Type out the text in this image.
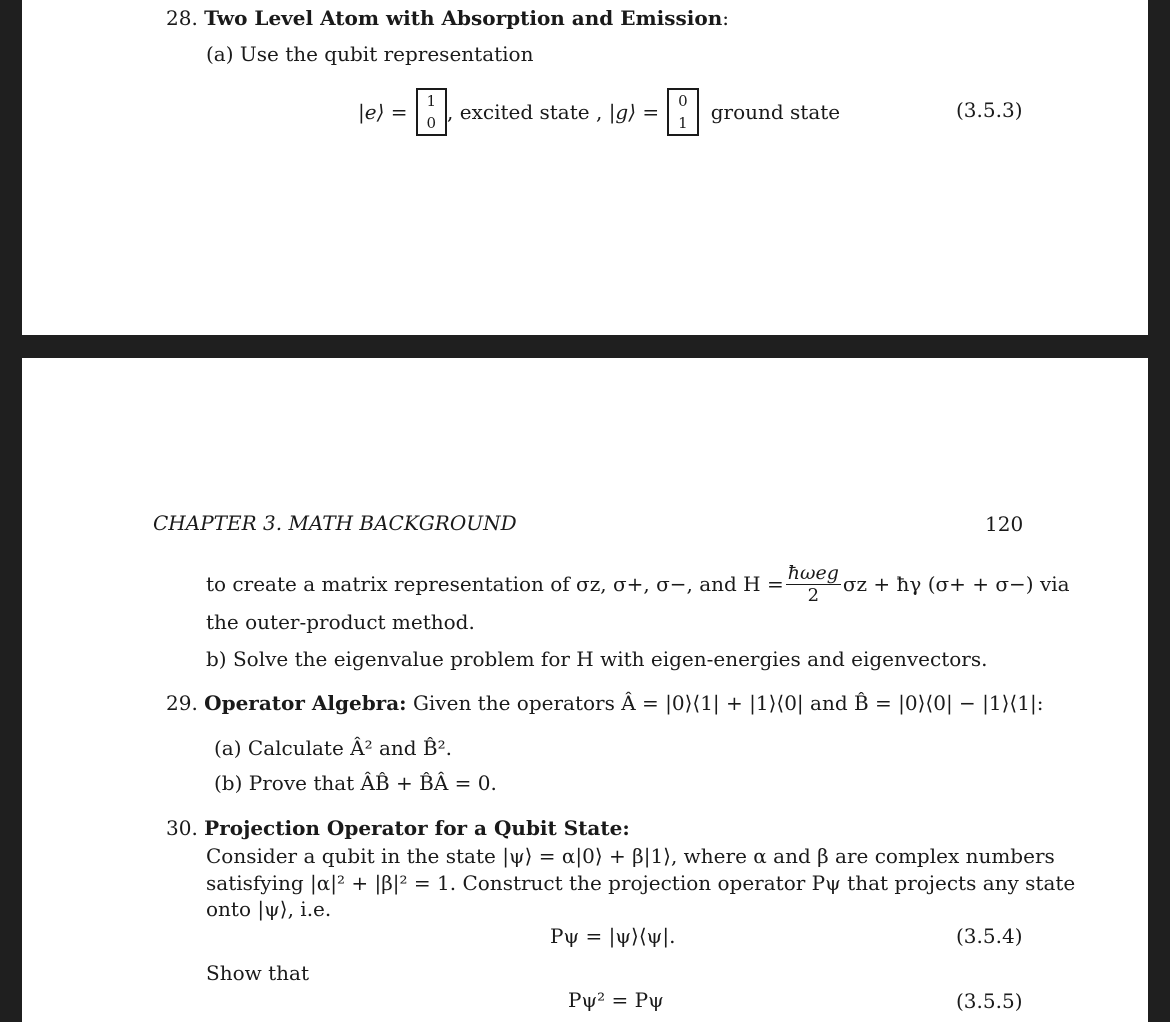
28. Two Level Atom with Absorption and Emission:
(a) Use the qubit representation
|e⟩ = 1
0 , excited state , |g⟩ = 0
1 ground state	(3.5.3)
CHAPTER 3. MATH BACKGROUND	120
to create a matrix representation of σz, σ+, σ−, and $H = \frac{\text{ħωeg}}{2}$ σz + ħγ (σ+ + σ−) via
the outer-product method.
b) Solve the eigenvalue problem for H with eigen-energies and eigenvectors.
29. Operator Algebra: Given the operators Â = |0⟩⟨1| + |1⟩⟨0| and B̂ = |0⟩⟨0| − |1⟩⟨1|:
(a) Calculate Â² and B̂².
(b) Prove that ÂB̂ + B̂Â = 0.
30. Projection Operator for a Qubit State:
Consider a qubit in the state |ψ⟩ = α|0⟩ + β|1⟩, where α and β are complex numbers
satisfying |α|² + |β|² = 1. Construct the projection operator Pψ that projects any state
onto |ψ⟩, i.e.
Pψ = |ψ⟩⟨ψ|.	(3.5.4)
Show that
Pψ² = Pψ	(3.5.5)
